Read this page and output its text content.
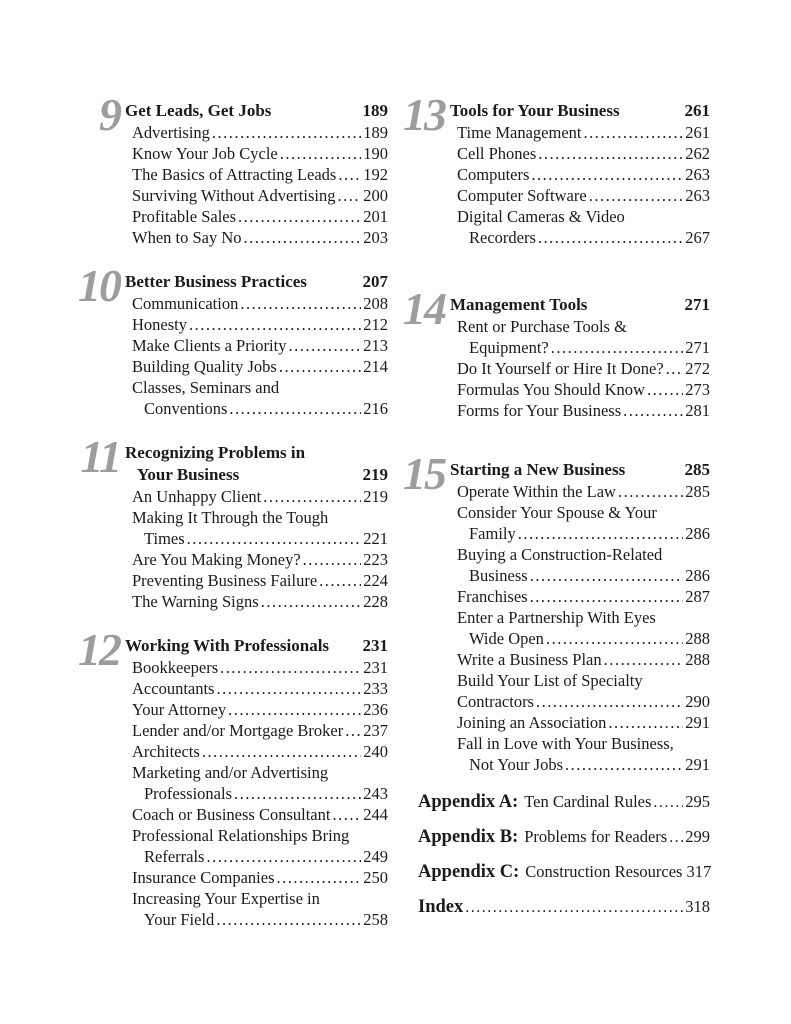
9 Get Leads, Get Jobs	189
Advertising .....	189
Know Your Job Cycle .....	190
The Basics of Attracting Leads ..... 192
Surviving Without Advertising ..... 200
Profitable Sales .....	201
When to Say No .....	203
10 Better Business Practices	207
Communication .....	208
Honesty .....	212
Make Clients a Priority .....	213
Building Quality Jobs .....	214
Classes, Seminars and
Conventions .....	216
11 Recognizing Problems in
Your Business	219
An Unhappy Client .....	219
Making It Through the Tough
Times .....	221
Are You Making Money? .....	223
Preventing Business Failure .....	224
The Warning Signs .....	228
12 Working With Professionals 231
Bookkeepers .....	231
Accountants .....	233
Your Attorney .....	236
Lender and/or Mortgage Broker ..... 237
Architects .....	240
Marketing and/or Advertising
Professionals .....	243
Coach or Business Consultant ..... 244
Professional Relationships Bring
Referrals .....	249
Insurance Companies .....	250
Increasing Your Expertise in
Your Field .....	258
13 Tools for Your Business	261
Time Management .....	261
Cell Phones .....	262
Computers .....	263
Computer Software .....	263
Digital Cameras & Video
Recorders .....	267
14 Management Tools	271
Rent or Purchase Tools &
Equipment? .....	271
Do It Yourself or Hire It Done? ..... 272
Formulas You Should Know ..... 273
Forms for Your Business .....	281
15 Starting a New Business	285
Operate Within the Law .....	285
Consider Your Spouse & Your
Family .....	286
Buying a Construction-Related
Business .....	286
Franchises .....	287
Enter a Partnership With Eyes
Wide Open .....	288
Write a Business Plan .....	288
Build Your List of Specialty
Contractors .....	290
Joining an Association .....	291
Fall in Love with Your Business,
Not Your Jobs .....	291
Appendix A: Ten Cardinal Rules ..... 295
Appendix B: Problems for Readers ..... 299
Appendix C: Construction Resources 317
Index .....	318
